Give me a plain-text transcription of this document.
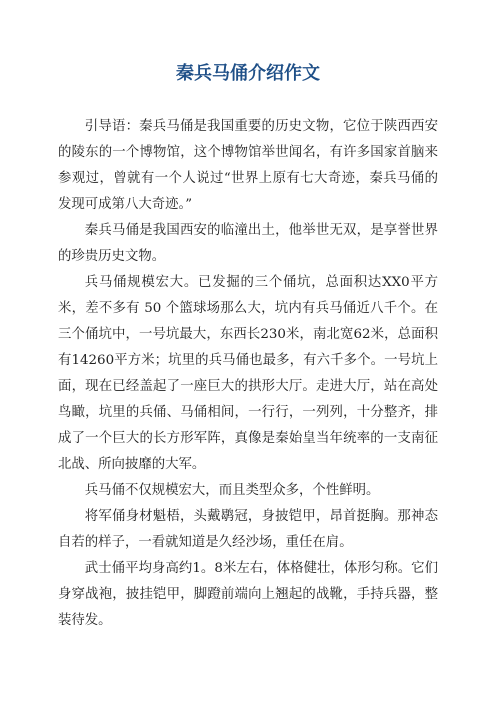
秦兵马俑介绍作文

引导语：秦兵马俑是我国重要的历史文物，它位于陕西西安的陵东的一个博物馆，这个博物馆举世闻名，有许多国家首脑来参观过，曾就有一个人说过“世界上原有七大奇迹，秦兵马俑的发现可成第八大奇迹。”

秦兵马俑是我国西安的临潼出土，他举世无双，是享誉世界的珍贵历史文物。

兵马俑规模宏大。已发掘的三个俑坑，总面积达XX0平方米，差不多有 50 个篮球场那么大，坑内有兵马俑近八千个。在三个俑坑中，一号坑最大，东西长230米，南北宽62米，总面积有14260平方米；坑里的兵马俑也最多，有六千多个。一号坑上面，现在已经盖起了一座巨大的拱形大厅。走进大厅，站在高处鸟瞰，坑里的兵俑、马俑相间，一行行，一列列，十分整齐，排成了一个巨大的长方形军阵，真像是秦始皇当年统率的一支南征北战、所向披靡的大军。

兵马俑不仅规模宏大，而且类型众多，个性鲜明。

将军俑身材魁梧，头戴鹖冠，身披铠甲，昂首挺胸。那神态自若的样子，一看就知道是久经沙场，重任在肩。

武士俑平均身高约1。8米左右，体格健壮，体形匀称。它们身穿战袍，披挂铠甲，脚蹬前端向上翘起的战靴，手持兵器，整装待发。
